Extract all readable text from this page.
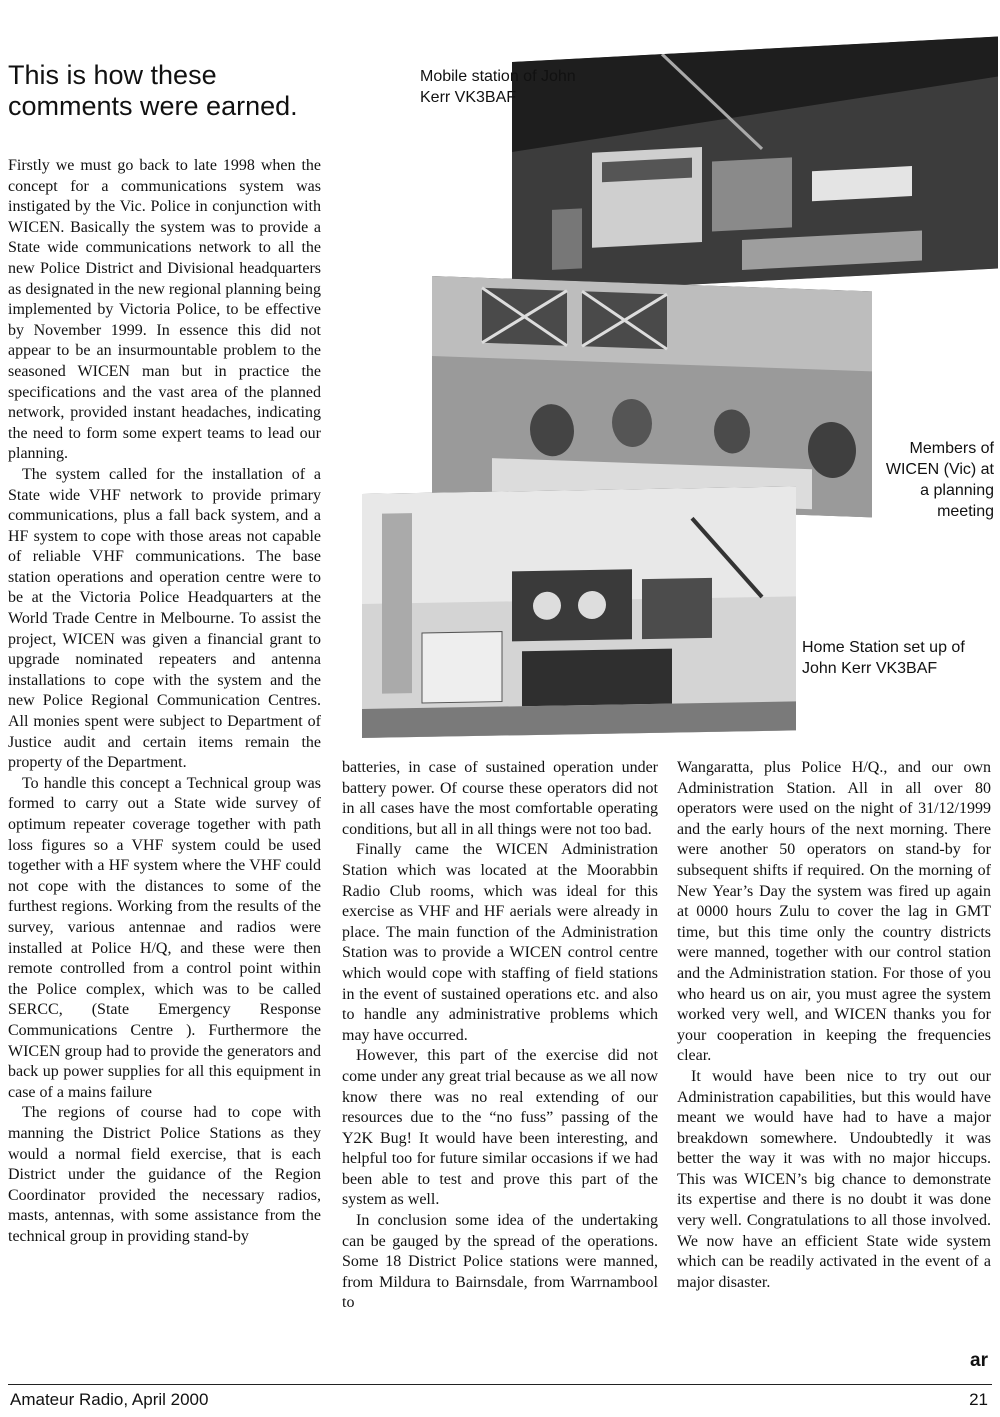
This is how these comments were earned.
Mobile station of John Kerr VK3BAF
Members of WICEN (Vic) at a planning meeting
Home Station set up of John Kerr VK3BAF

Firstly we must go back to late 1998 when the concept for a communications system was instigated by the Vic. Police in conjunction with WICEN. Basically the system was to provide a State wide communications network to all the new Police District and Divisional headquarters as designated in the new regional planning being implemented by Victoria Police, to be effective by November 1999. In essence this did not appear to be an insurmountable problem to the seasoned WICEN man but in practice the specifications and the vast area of the planned network, provided instant headaches, indicating the need to form some expert teams to lead our planning.

The system called for the installation of a State wide VHF network to provide primary communications, plus a fall back system, and a HF system to cope with those areas not capable of reliable VHF communications. The base station operations and operation centre were to be at the Victoria Police Headquarters at the World Trade Centre in Melbourne. To assist the project, WICEN was given a financial grant to upgrade nominated repeaters and antenna installations to cope with the system and the new Police Regional Communication Centres. All monies spent were subject to Department of Justice audit and certain items remain the property of the Department.

To handle this concept a Technical group was formed to carry out a State wide survey of optimum repeater coverage together with path loss figures so a VHF system could be used together with a HF system where the VHF could not cope with the distances to some of the furthest regions. Working from the results of the survey, various antennae and radios were installed at Police H/Q, and these were then remote controlled from a control point within the Police complex, which was to be called SERCC, (State Emergency Response Communications Centre ). Furthermore the WICEN group had to provide the generators and back up power supplies for all this equipment in case of a mains failure

The regions of course had to cope with manning the District Police Stations as they would a normal field exercise, that is each District under the guidance of the Region Coordinator provided the necessary radios, masts, antennas, with some assistance from the technical group in providing stand-by

batteries, in case of sustained operation under battery power. Of course these operators did not in all cases have the most comfortable operating conditions, but all in all things were not too bad.

Finally came the WICEN Administration Station which was located at the Moorabbin Radio Club rooms, which was ideal for this exercise as VHF and HF aerials were already in place. The main function of the Administration Station was to provide a WICEN control centre which would cope with staffing of field stations in the event of sustained operations etc. and also to handle any administrative problems which may have occurred.

However, this part of the exercise did not come under any great trial because as we all now know there was no real extending of our resources due to the “no fuss” passing of the Y2K Bug! It would have been interesting, and helpful too for future similar occasions if we had been able to test and prove this part of the system as well.

In conclusion some idea of the undertaking can be gauged by the spread of the operations. Some 18 District Police stations were manned, from Mildura to Bairnsdale, from Warrnambool to

Wangaratta, plus Police H/Q., and our own Administration Station. All in all over 80 operators were used on the night of 31/12/1999 and the early hours of the next morning. There were another 50 operators on stand-by for subsequent shifts if required. On the morning of New Year’s Day the system was fired up again at 0000 hours Zulu to cover the lag in GMT time, but this time only the country districts were manned, together with our control station and the Administration station. For those of you who heard us on air, you must agree the system worked very well, and WICEN thanks you for your cooperation in keeping the frequencies clear.

It would have been nice to try out our Administration capabilities, but this would have meant we would have had to have a major breakdown somewhere. Undoubtedly it was better the way it was with no major hiccups. This was WICEN’s big chance to demonstrate its expertise and there is no doubt it was done very well. Congratulations to all those involved. We now have an efficient State wide system which can be readily activated in the event of a major disaster.

ar
Amateur Radio, April 2000	21
